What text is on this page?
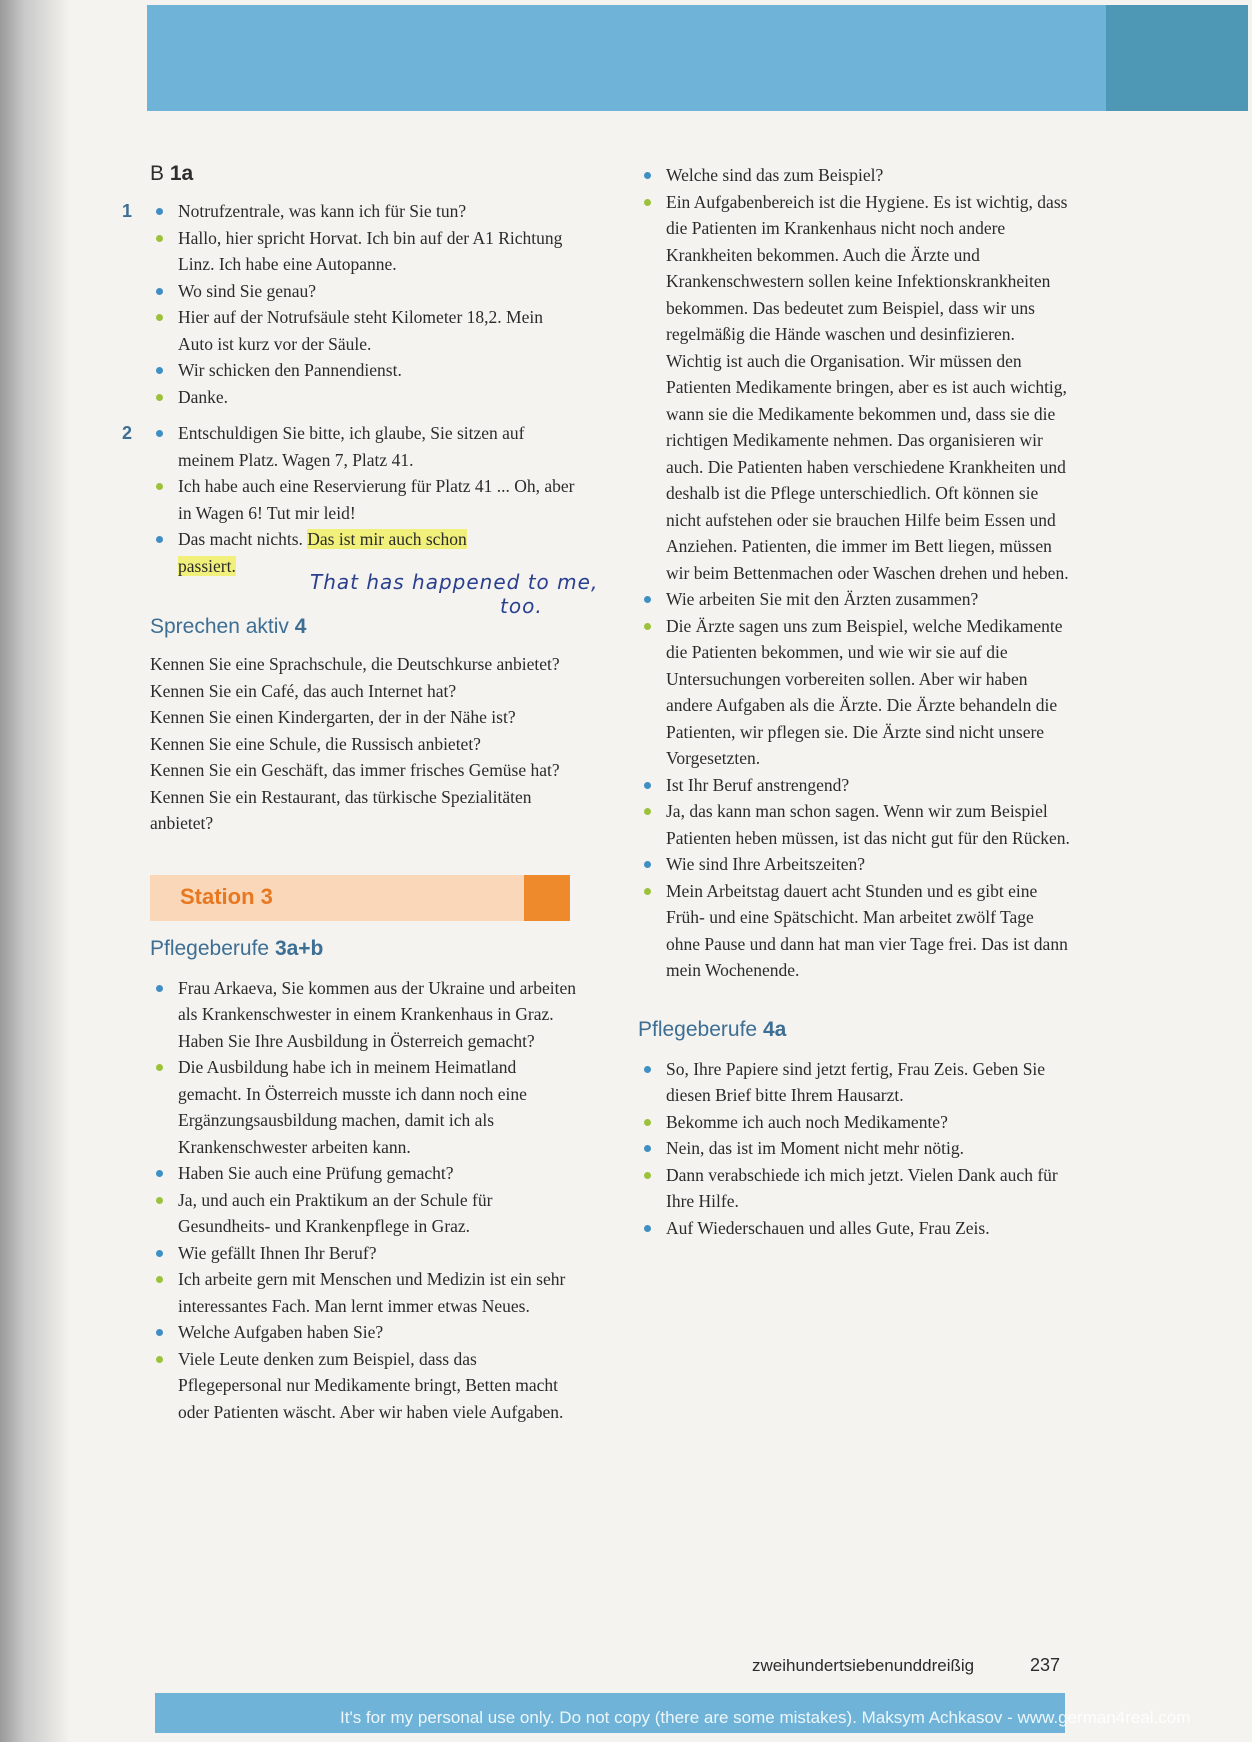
B 1a
1	Notrufzentrale, was kann ich für Sie tun?
Hallo, hier spricht Horvat. Ich bin auf der A1 Richtung Linz. Ich habe eine Autopanne.
Wo sind Sie genau?
Hier auf der Notrufsäule steht Kilometer 18,2. Mein Auto ist kurz vor der Säule.
Wir schicken den Pannendienst.
Danke.
2	Entschuldigen Sie bitte, ich glaube, Sie sitzen auf meinem Platz. Wagen 7, Platz 41.
Ich habe auch eine Reservierung für Platz 41 ... Oh, aber in Wagen 6! Tut mir leid!
Das macht nichts. Das ist mir auch schon passiert.
Sprechen aktiv 4
Kennen Sie eine Sprachschule, die Deutschkurse anbietet?
Kennen Sie ein Café, das auch Internet hat?
Kennen Sie einen Kindergarten, der in der Nähe ist?
Kennen Sie eine Schule, die Russisch anbietet?
Kennen Sie ein Geschäft, das immer frisches Gemüse hat?
Kennen Sie ein Restaurant, das türkische Spezialitäten anbietet?
Station 3
Pflegeberufe 3a+b
Frau Arkaeva, Sie kommen aus der Ukraine und arbeiten als Krankenschwester in einem Krankenhaus in Graz. Haben Sie Ihre Ausbildung in Österreich gemacht?
Die Ausbildung habe ich in meinem Heimatland gemacht. In Österreich musste ich dann noch eine Ergänzungsausbildung machen, damit ich als Krankenschwester arbeiten kann.
Haben Sie auch eine Prüfung gemacht?
Ja, und auch ein Praktikum an der Schule für Gesundheits- und Krankenpflege in Graz.
Wie gefällt Ihnen Ihr Beruf?
Ich arbeite gern mit Menschen und Medizin ist ein sehr interessantes Fach. Man lernt immer etwas Neues.
Welche Aufgaben haben Sie?
Viele Leute denken zum Beispiel, dass das Pflegepersonal nur Medikamente bringt, Betten macht oder Patienten wäscht. Aber wir haben viele Aufgaben.
That has happened to me,
too.
Welche sind das zum Beispiel?
Ein Aufgabenbereich ist die Hygiene. Es ist wichtig, dass die Patienten im Krankenhaus nicht noch andere Krankheiten bekommen. Auch die Ärzte und Krankenschwestern sollen keine Infektionskrankheiten bekommen. Das bedeutet zum Beispiel, dass wir uns regelmäßig die Hände waschen und desinfizieren. Wichtig ist auch die Organisation. Wir müssen den Patienten Medikamente bringen, aber es ist auch wichtig, wann sie die Medikamente bekommen und, dass sie die richtigen Medikamente nehmen. Das organisieren wir auch. Die Patienten haben verschiedene Krankheiten und deshalb ist die Pflege unterschiedlich. Oft können sie nicht aufstehen oder sie brauchen Hilfe beim Essen und Anziehen. Patienten, die immer im Bett liegen, müssen wir beim Bettenmachen oder Waschen drehen und heben.
Wie arbeiten Sie mit den Ärzten zusammen?
Die Ärzte sagen uns zum Beispiel, welche Medikamente die Patienten bekommen, und wie wir sie auf die Untersuchungen vorbereiten sollen. Aber wir haben andere Aufgaben als die Ärzte. Die Ärzte behandeln die Patienten, wir pflegen sie. Die Ärzte sind nicht unsere Vorgesetzten.
Ist Ihr Beruf anstrengend?
Ja, das kann man schon sagen. Wenn wir zum Beispiel Patienten heben müssen, ist das nicht gut für den Rücken.
Wie sind Ihre Arbeitszeiten?
Mein Arbeitstag dauert acht Stunden und es gibt eine Früh- und eine Spätschicht. Man arbeitet zwölf Tage ohne Pause und dann hat man vier Tage frei. Das ist dann mein Wochenende.
Pflegeberufe 4a
So, Ihre Papiere sind jetzt fertig, Frau Zeis. Geben Sie diesen Brief bitte Ihrem Hausarzt.
Bekomme ich auch noch Medikamente?
Nein, das ist im Moment nicht mehr nötig.
Dann verabschiede ich mich jetzt. Vielen Dank auch für Ihre Hilfe.
Auf Wiederschauen und alles Gute, Frau Zeis.
zweihundertsiebenunddreißig	237
It's for my personal use only. Do not copy (there are some mistakes). Maksym Achkasov - www.german4real.com
